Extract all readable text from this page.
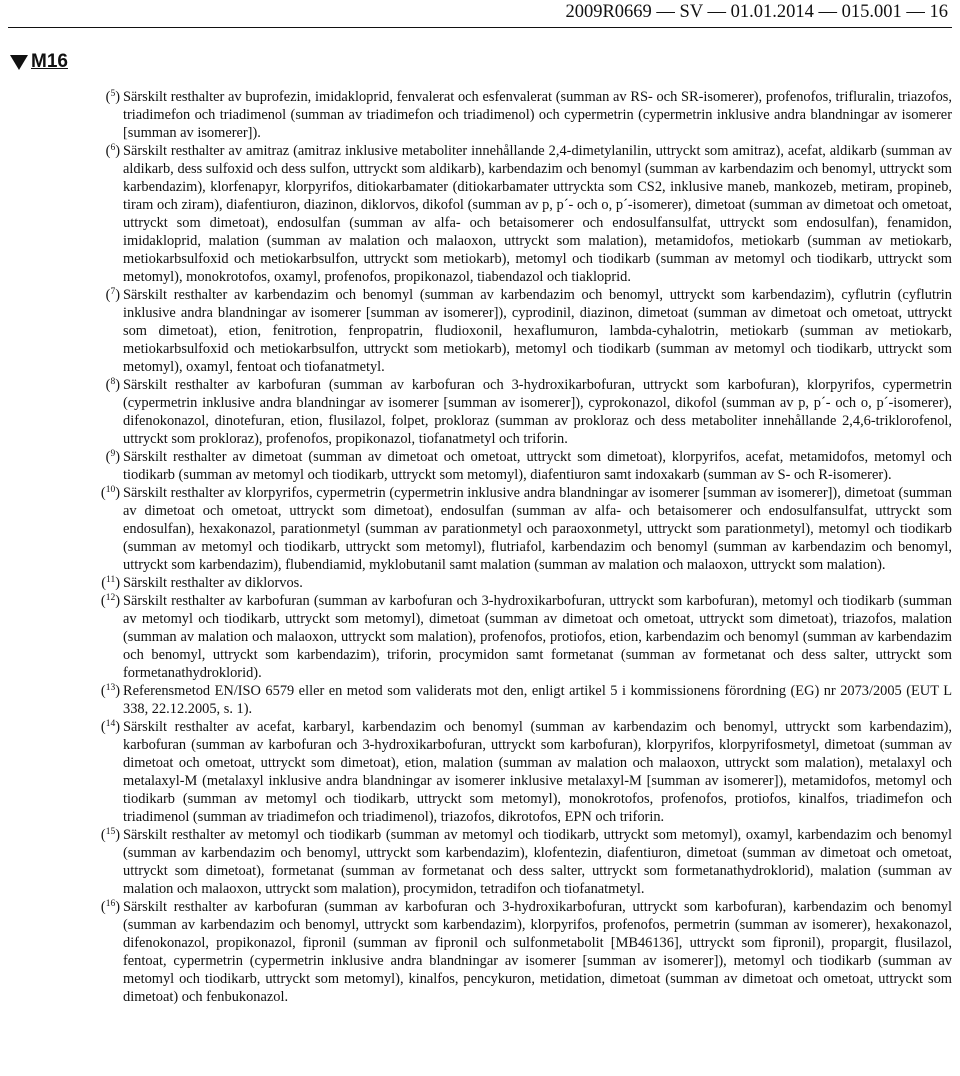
2009R0669 — SV — 01.01.2014 — 015.001 — 16
M16
($^5$) Särskilt resthalter av buprofezin, imidakloprid, fenvalerat och esfenvalerat (summan av RS- och SR-isomerer), profenofos, trifluralin, triazofos, triadimefon och triadimenol (summan av triadimefon och triadimenol) och cypermetrin (cypermetrin inklusive andra blandningar av isomerer [summan av isomerer]).
($^6$) Särskilt resthalter av amitraz (amitraz inklusive metaboliter innehållande 2,4-dimetylanilin, uttryckt som amitraz), acefat, aldikarb (summan av aldikarb, dess sulfoxid och dess sulfon, uttryckt som aldikarb), karbendazim och benomyl (summan av karbendazim och benomyl, uttryckt som karbendazim), klorfenapyr, klorpyrifos, ditiokarbamater (ditiokarbamater uttryckta som CS2, inklusive maneb, mankozeb, metiram, propineb, tiram och ziram), diafentiuron, diazinon, diklorvos, dikofol (summan av p, p´- och o, p´-isomerer), dimetoat (summan av dimetoat och ometoat, uttryckt som dimetoat), endosulfan (summan av alfa- och betaisomerer och endosulfansulfat, uttryckt som endosulfan), fenamidon, imidakloprid, malation (summan av malation och malaoxon, uttryckt som malation), metamidofos, metiokarb (summan av metiokarb, metiokarbsulfoxid och metiokarbsulfon, uttryckt som metiokarb), metomyl och tiodikarb (summan av metomyl och tiodikarb, uttryckt som metomyl), monokrotofos, oxamyl, profenofos, propikonazol, tiabendazol och tiakloprid.
($^7$) Särskilt resthalter av karbendazim och benomyl (summan av karbendazim och benomyl, uttryckt som karbendazim), cyflutrin (cyflutrin inklusive andra blandningar av isomerer [summan av isomerer]), cyprodinil, diazinon, dimetoat (summan av dimetoat och ometoat, uttryckt som dimetoat), etion, fenitrotion, fenpropatrin, fludioxonil, hexaflumuron, lambda-cyhalotrin, metiokarb (summan av metiokarb, metiokarbsulfoxid och metiokarbsulfon, uttryckt som metiokarb), metomyl och tiodikarb (summan av metomyl och tiodikarb, uttryckt som metomyl), oxamyl, fentoat och tiofanatmetyl.
($^8$) Särskilt resthalter av karbofuran (summan av karbofuran och 3-hydroxikarbofuran, uttryckt som karbofuran), klorpyrifos, cypermetrin (cypermetrin inklusive andra blandningar av isomerer [summan av isomerer]), cyprokonazol, dikofol (summan av p, p´- och o, p´-isomerer), difenokonazol, dinotefuran, etion, flusilazol, folpet, prokloraz (summan av prokloraz och dess metaboliter innehållande 2,4,6-triklorofenol, uttryckt som prokloraz), profenofos, propikonazol, tiofanatmetyl och triforin.
($^9$) Särskilt resthalter av dimetoat (summan av dimetoat och ometoat, uttryckt som dimetoat), klorpyrifos, acefat, metamidofos, metomyl och tiodikarb (summan av metomyl och tiodikarb, uttryckt som metomyl), diafentiuron samt indoxakarb (summan av S- och R-isomerer).
($^{10}$) Särskilt resthalter av klorpyrifos, cypermetrin (cypermetrin inklusive andra blandningar av isomerer [summan av isomerer]), dimetoat (summan av dimetoat och ometoat, uttryckt som dimetoat), endosulfan (summan av alfa- och betaisomerer och endosulfansulfat, uttryckt som endosulfan), hexakonazol, parationmetyl (summan av parationmetyl och paraoxonmetyl, uttryckt som parationmetyl), metomyl och tiodikarb (summan av metomyl och tiodikarb, uttryckt som metomyl), flutriafol, karbendazim och benomyl (summan av karbendazim och benomyl, uttryckt som karbendazim), flubendiamid, myklobutanil samt malation (summan av malation och malaoxon, uttryckt som malation).
($^{11}$) Särskilt resthalter av diklorvos.
($^{12}$) Särskilt resthalter av karbofuran (summan av karbofuran och 3-hydroxikarbofuran, uttryckt som karbofuran), metomyl och tiodikarb (summan av metomyl och tiodikarb, uttryckt som metomyl), dimetoat (summan av dimetoat och ometoat, uttryckt som dimetoat), triazofos, malation (summan av malation och malaoxon, uttryckt som malation), profenofos, protiofos, etion, karbendazim och benomyl (summan av karbendazim och benomyl, uttryckt som karbendazim), triforin, procymidon samt formetanat (summan av formetanat och dess salter, uttryckt som formetanathydroklorid).
($^{13}$) Referensmetod EN/ISO 6579 eller en metod som validerats mot den, enligt artikel 5 i kommissionens förordning (EG) nr 2073/2005 (EUT L 338, 22.12.2005, s. 1).
($^{14}$) Särskilt resthalter av acefat, karbaryl, karbendazim och benomyl (summan av karbendazim och benomyl, uttryckt som karbendazim), karbofuran (summan av karbofuran och 3-hydroxikarbofuran, uttryckt som karbofuran), klorpyrifos, klorpyrifosmetyl, dimetoat (summan av dimetoat och ometoat, uttryckt som dimetoat), etion, malation (summan av malation och malaoxon, uttryckt som malation), metalaxyl och metalaxyl-M (metalaxyl inklusive andra blandningar av isomerer inklusive metalaxyl-M [summan av isomerer]), metamidofos, metomyl och tiodikarb (summan av metomyl och tiodikarb, uttryckt som metomyl), monokrotofos, profenofos, protiofos, kinalfos, triadimefon och triadimenol (summan av triadimefon och triadimenol), triazofos, dikrotofos, EPN och triforin.
($^{15}$) Särskilt resthalter av metomyl och tiodikarb (summan av metomyl och tiodikarb, uttryckt som metomyl), oxamyl, karbendazim och benomyl (summan av karbendazim och benomyl, uttryckt som karbendazim), klofentezin, diafentiuron, dimetoat (summan av dimetoat och ometoat, uttryckt som dimetoat), formetanat (summan av formetanat och dess salter, uttryckt som formetanathydroklorid), malation (summan av malation och malaoxon, uttryckt som malation), procymidon, tetradifon och tiofanatmetyl.
($^{16}$) Särskilt resthalter av karbofuran (summan av karbofuran och 3-hydroxikarbofuran, uttryckt som karbofuran), karbendazim och benomyl (summan av karbendazim och benomyl, uttryckt som karbendazim), klorpyrifos, profenofos, permetrin (summan av isomerer), hexakonazol, difenokonazol, propikonazol, fipronil (summan av fipronil och sulfonmetabolit [MB46136], uttryckt som fipronil), propargit, flusilazol, fentoat, cypermetrin (cypermetrin inklusive andra blandningar av isomerer [summan av isomerer]), metomyl och tiodikarb (summan av metomyl och tiodikarb, uttryckt som metomyl), kinalfos, pencykuron, metidation, dimetoat (summan av dimetoat och ometoat, uttryckt som dimetoat) och fenbukonazol.
